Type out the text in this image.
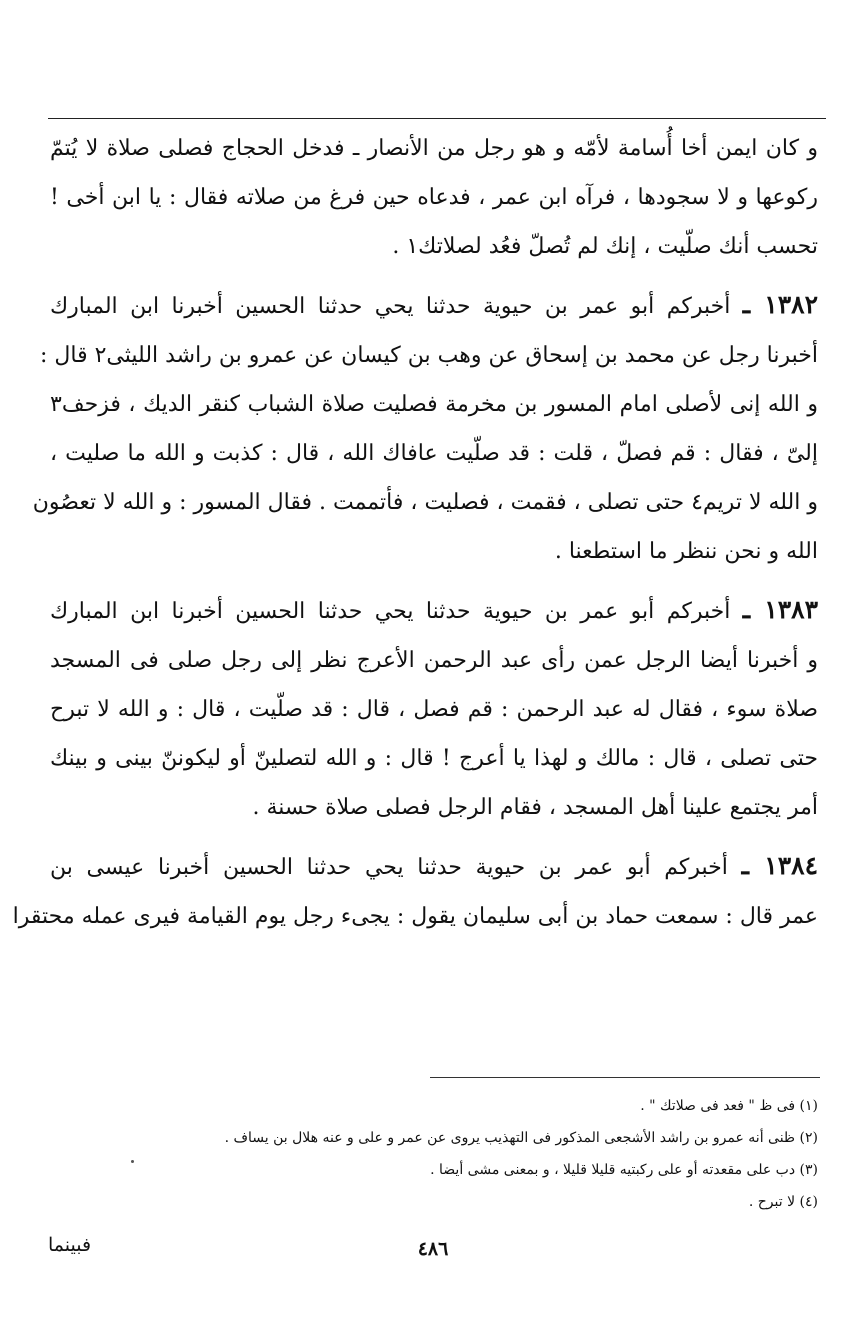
و كان ايمن أخا أُسامة لأمّه و هو رجل من الأنصار ـ فدخل الحجاج فصلى صلاة لا يُتمّ
ركوعها و لا سجودها ، فرآه ابن عمر ، فدعاه حين فرغ من صلاته فقال : يا ابن أخى !
تحسب أنك صلّيت ، إنك لم تُصلّ فعُد لصلاتك١ .
١٣٨٢ ـ أخبركم أبو عمر بن حيوية حدثنا يحي حدثنا الحسين أخبرنا ابن المبارك
أخبرنا رجل عن محمد بن إسحاق عن وهب بن كيسان عن عمرو بن راشد الليثى٢ قال :
و الله إنى لأصلى امام المسور بن مخرمة فصليت صلاة الشباب كنقر الديك ، فزحف٣
إلىّ ، فقال : قم فصلّ ، قلت : قد صلّيت عافاك الله ، قال : كذبت و الله ما صليت ،
و الله لا تريم٤ حتى تصلى ، فقمت ، فصليت ، فأتممت . فقال المسور : و الله لا تعصُون
الله و نحن ننظر ما استطعنا .
١٣٨٣ ـ أخبركم أبو عمر بن حيوية حدثنا يحي حدثنا الحسين أخبرنا ابن المبارك
و أخبرنا أيضا الرجل عمن رأى عبد الرحمن الأعرج نظر إلى رجل صلى فى المسجد
صلاة سوء ، فقال له عبد الرحمن : قم فصل ، قال : قد صلّيت ، قال : و الله لا تبرح
حتى تصلى ، قال : مالك و لهذا يا أعرج ! قال : و الله لتصلينّ أو ليكوننّ بينى و بينك
أمر يجتمع علينا أهل المسجد ، فقام الرجل فصلى صلاة حسنة .
١٣٨٤ ـ أخبركم أبو عمر بن حيوية حدثنا يحي حدثنا الحسين أخبرنا عيسى بن
عمر قال : سمعت حماد بن أبى سليمان يقول : يجىء رجل يوم القيامة فيرى عمله محتقرا
(١) فى ظ " فعد فى صلاتك " .
(٢) ظنى أنه عمرو بن راشد الأشجعى المذكور فى التهذيب يروى عن عمر و على و عنه هلال بن يساف .
(٣) دب على مقعدته أو على ركبتيه قليلا قليلا ، و بمعنى مشى أيضا .
(٤) لا تبرح .
٤٨٦
فبينما
